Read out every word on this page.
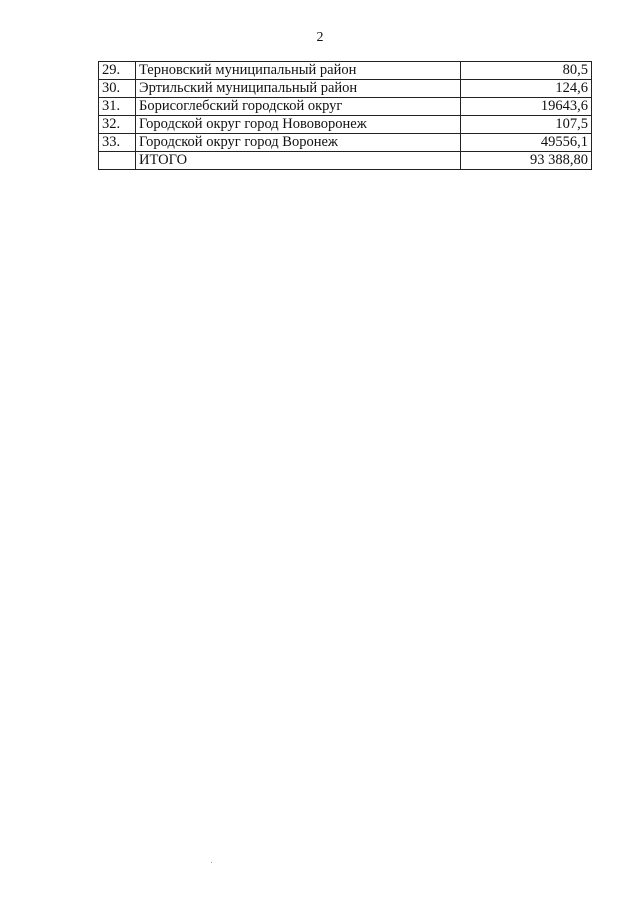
2
29.	Терновский муниципальный район	80,5
30.	Эртильский муниципальный район	124,6
31.	Борисоглебский городской округ	19643,6
32.	Городской округ город Нововоронеж	107,5
33.	Городской округ город Воронеж	49556,1
	ИТОГО	93 388,80
